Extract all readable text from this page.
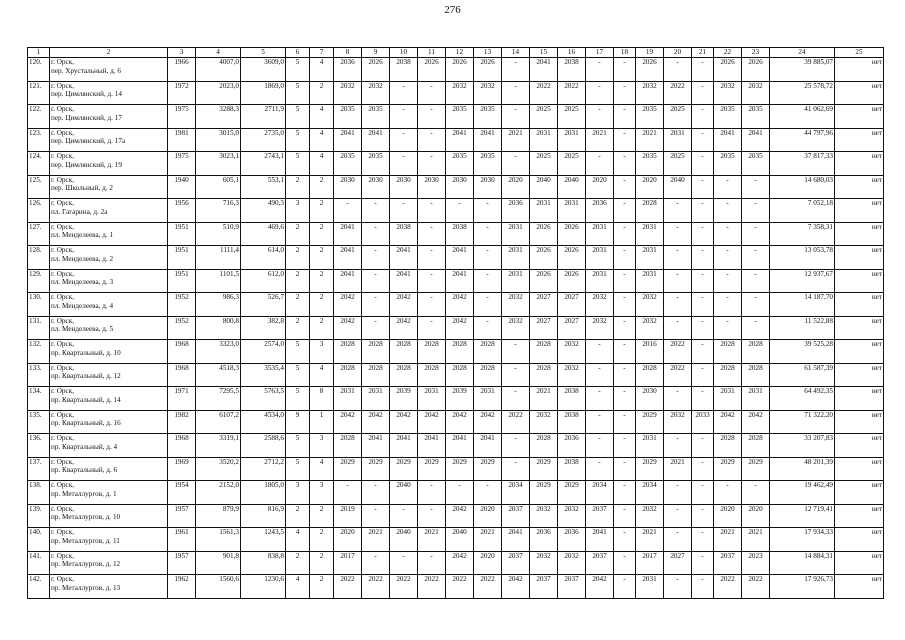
276
1	2	3	4	5	6	7	8	9	10	11	12	13	14	15	16	17	18	19	20	21	22	23	24	25
120.	г. Орск,
пер. Хрустальный, д. 6	1966	4007,0	3609,0	5	4	2036	2026	2038	2026	2026	2026	-	2041	2038	-	-	2026	-	-	2026	2026	39 885,07	нет
121.	г. Орск,
пер. Цимлянский, д. 14	1972	2023,0	1869,0	5	2	2032	2032	-	-	2032	2032	-	2022	2022	-	-	2032	2022	-	2032	2032	25 578,72	нет
122.	г. Орск,
пер. Цимлянский, д. 17	1975	3288,3	2711,9	5	4	2035	2035	-	-	2035	2035	-	2025	2025	-	-	2035	2025	-	2035	2035	41 062,69	нет
123.	г. Орск,
пер. Цимлянский, д. 17а	1981	3015,0	2735,0	5	4	2041	2041	-	-	2041	2041	2021	2031	2031	2021	-	2021	2031	-	2041	2041	44 797,96	нет
124.	г. Орск,
пер. Цимлянский, д. 19	1975	3023,1	2743,1	5	4	2035	2035	-	-	2035	2035	-	2025	2025	-	-	2035	2025	-	2035	2035	37 817,33	нет
125.	г. Орск,
пер. Школьный, д. 2	1940	605,1	553,1	2	2	2030	2030	2030	2030	2030	2030	2020	2040	2040	2020	-	2020	2040	-	-	-	14 680,03	нет
126.	г. Орск,
пл. Гагарина, д. 2а	1956	716,3	490,3	3	2	-	-	-	-	-	-	2036	2031	2031	2036	-	2028	-	-	-	-	7 052,18	нет
127.	г. Орск,
пл. Менделеева, д. 1	1951	510,9	469,6	2	2	2041	-	2038	-	2038	-	2031	2026	2026	2031	-	2031	-	-	-	-	7 358,31	нет
128.	г. Орск,
пл. Менделеева, д. 2	1951	1111,4	614,0	2	2	2041	-	2041	-	2041	-	2031	2026	2026	2031	-	2031	-	-	-	-	13 053,78	нет
129.	г. Орск,
пл. Менделеева, д. 3	1951	1101,5	612,0	2	2	2041	-	2041	-	2041	-	2031	2026	2026	2031	-	2031	-	-	-	-	12 937,67	нет
130.	г. Орск,
пл. Менделеева, д. 4	1952	986,3	526,7	2	2	2042	-	2042	-	2042	-	2032	2027	2027	2032	-	2032	-	-	-	-	14 187,70	нет
131.	г. Орск,
пл. Менделеева, д. 5	1952	800,8	382,8	2	2	2042	-	2042	-	2042	-	2032	2027	2027	2032	-	2032	-	-	-	-	11 522,88	нет
132.	г. Орск,
пр. Квартальный, д. 10	1968	3323,0	2574,0	5	3	2028	2028	2028	2028	2028	2028	-	2028	2032	-	-	2016	2022	-	2028	2028	39 525,28	нет
133.	г. Орск,
пр. Квартальный, д. 12	1968	4518,3	3535,4	5	4	2028	2028	2028	2028	2028	2028	-	2028	2032	-	-	2028	2022	-	2028	2028	61 587,39	нет
134.	г. Орск,
пр. Квартальный, д. 14	1971	7295,5	5763,5	5	8	2031	2031	2039	2031	2039	2031	-	2021	2038	-	-	2030	-	-	2031	2031	64 492,35	нет
135.	г. Орск,
пр. Квартальный, д. 16	1982	6107,2	4534,0	9	1	2042	2042	2042	2042	2042	2042	2022	2032	2038	-	-	2029	2032	2033	2042	2042	71 322,20	нет
136.	г. Орск,
пр. Квартальный, д. 4	1968	3319,1	2588,6	5	3	2028	2041	2041	2041	2041	2041	-	2028	2036	-	-	2031	-	-	2028	2028	33 207,83	нет
137.	г. Орск,
пр. Квартальный, д. 6	1969	3520,2	2712,2	5	4	2029	2029	2029	2029	2029	2029	-	2029	2038	-	-	2029	2021	-	2029	2029	48 201,39	нет
138.	г. Орск,
пр. Металлургов, д. 1	1954	2152,0	1805,0	3	3	-	-	2040	-	-	-	2034	2029	2029	2034	-	2034	-	-	-	-	19 462,49	нет
139.	г. Орск,
пр. Металлургов, д. 10	1957	879,9	816,9	2	2	2019	-	-	-	2042	2020	2037	2032	2032	2037	-	2032	-	-	2020	2020	12 719,41	нет
140.	г. Орск,
пр. Металлургов, д. 11	1961	1561,3	1243,5	4	2	2020	2021	2040	2021	2040	2021	2041	2036	2036	2041	-	2021	-	-	2021	2021	17 934,33	нет
141.	г. Орск,
пр. Металлургов, д. 12	1957	901,8	838,8	2	2	2017	-	-	-	2042	2020	2037	2032	2032	2037	-	2017	2027	-	2037	2023	14 884,31	нет
142.	г. Орск,
пр. Металлургов, д. 13	1962	1560,6	1230,6	4	2	2022	2022	2022	2022	2022	2022	2042	2037	2037	2042	-	2031	-	-	2022	2022	17 926,73	нет
